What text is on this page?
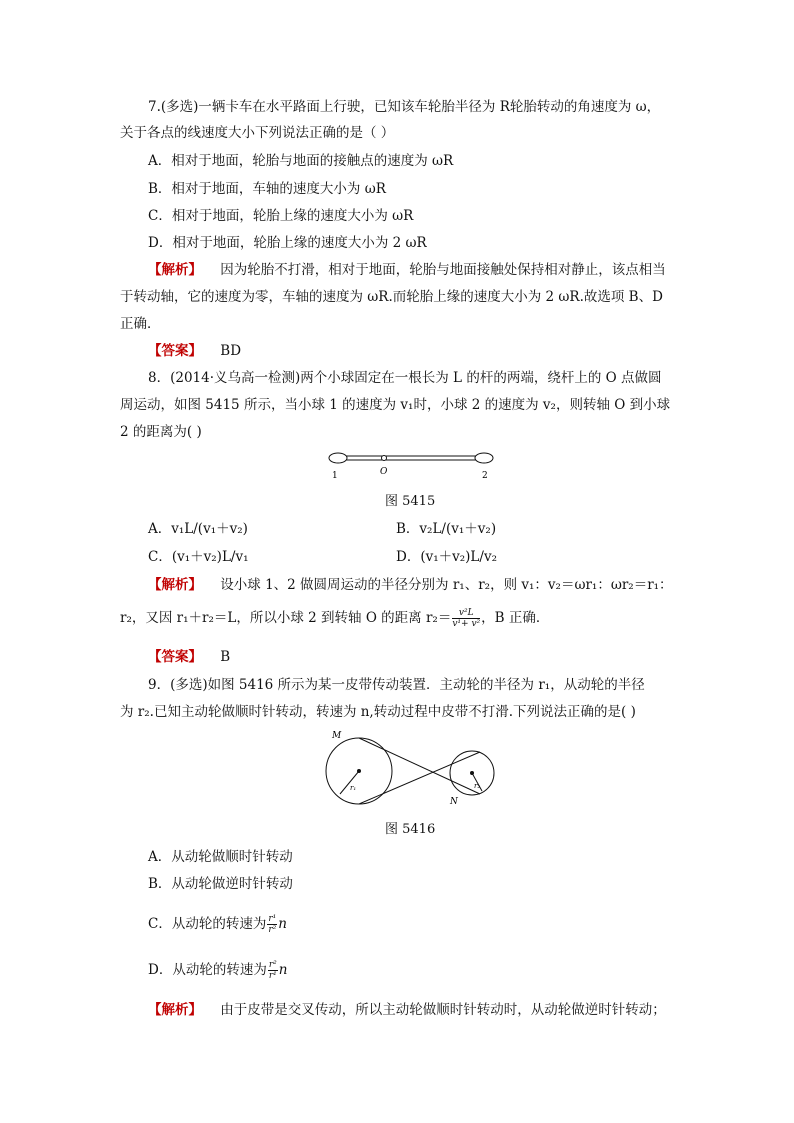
7.(多选)一辆卡车在水平路面上行驶，已知该车轮胎半径为 R轮胎转动的角速度为 ω，
关于各点的线速度大小下列说法正确的是（ ）
A．相对于地面，轮胎与地面的接触点的速度为 ωR
B．相对于地面，车轴的速度大小为 ωR
C．相对于地面，轮胎上缘的速度大小为 ωR
D．相对于地面，轮胎上缘的速度大小为 2 ωR
【解析】 因为轮胎不打滑，相对于地面，轮胎与地面接触处保持相对静止，该点相当
于转动轴，它的速度为零，车轴的速度为 ωR.而轮胎上缘的速度大小为 2 ωR.故选项 B、D
正确．
【答案】 BD
8．(2014·义乌高一检测)两个小球固定在一根长为 L 的杆的两端，绕杆上的 O 点做圆
周运动，如图 5415 所示，当小球 1 的速度为 v₁时，小球 2 的速度为 v₂，则转轴 O 到小球
2 的距离为( )
1	O	2
图 5415
A．v₁L/(v₁＋v₂)	B．v₂L/(v₁＋v₂)
C．(v₁＋v₂)L/v₁	D．(v₁＋v₂)L/v₂
【解析】 设小球 1、2 做圆周运动的半径分别为 r₁、r₂，则 v₁：v₂＝ωr₁：ωr₂＝r₁：
r₂，又因 r₁＋r₂＝L，所以小球 2 到转轴 O 的距离 $r_2= \frac{\text{v²L}}{\text{v¹+ v²}}$ ，B 正确．
【答案】 B
9．(多选)如图 5416 所示为某一皮带传动装置．主动轮的半径为 r₁，从动轮的半径
为 r₂.已知主动轮做顺时针转动，转速为 n,转动过程中皮带不打滑.下列说法正确的是( )
M
N
r₁	r₂
图 5416
A．从动轮做顺时针转动
B．从动轮做逆时针转动
C．从动轮的转速为 $\frac{\text{r¹}}{\text{r²}}$ n
D．从动轮的转速为 $\frac{\text{r²}}{\text{r¹}}$ n
【解析】 由于皮带是交叉传动，所以主动轮做顺时针转动时，从动轮做逆时针转动；
